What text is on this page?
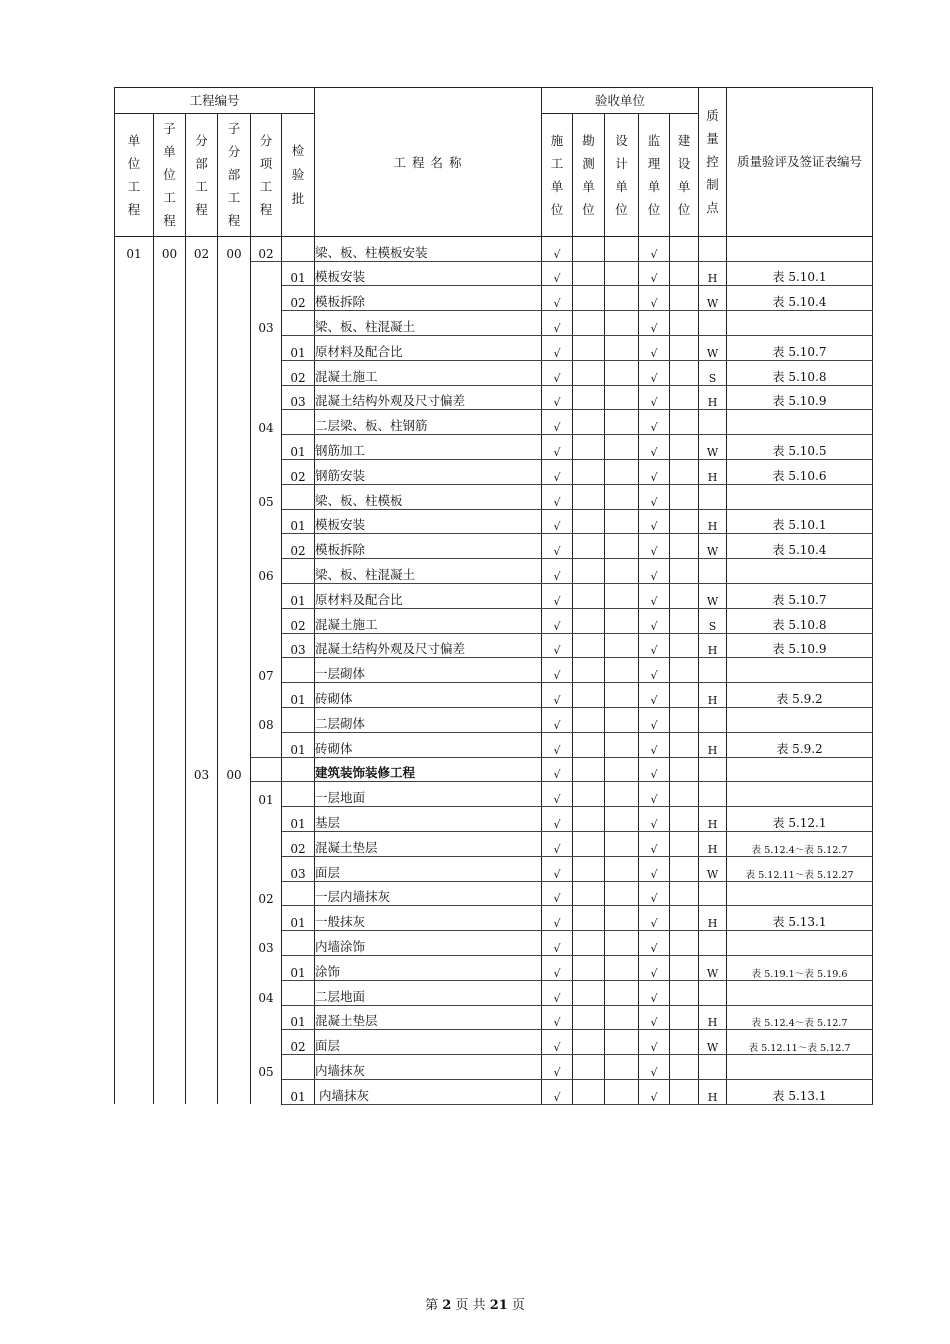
工程编号						工 程 名 称	验收单位					质量控制点	质量验评及签证表编号
单位工程	子单位工程	分部工程	子分部工程	分项工程	检验批		施工单位	勘测单位	设计单位	监理单位	建设单位		
01	00	02	00	02		梁、板、柱模板安装	√			√			
					01	模板安装	√			√		H	表 5.10.1
					02	模板拆除	√			√		W	表 5.10.4
				03		梁、板、柱混凝土	√			√			
					01	原材料及配合比	√			√		W	表 5.10.7
					02	混凝土施工	√			√		S	表 5.10.8
					03	混凝土结构外观及尺寸偏差	√			√		H	表 5.10.9
				04		二层梁、板、柱钢筋	√			√			
					01	钢筋加工	√			√		W	表 5.10.5
					02	钢筋安装	√			√		H	表 5.10.6
				05		梁、板、柱模板	√			√			
					01	模板安装	√			√		H	表 5.10.1
					02	模板拆除	√			√		W	表 5.10.4
				06		梁、板、柱混凝土	√			√			
					01	原材料及配合比	√			√		W	表 5.10.7
					02	混凝土施工	√			√		S	表 5.10.8
					03	混凝土结构外观及尺寸偏差	√			√		H	表 5.10.9
				07		一层砌体	√			√			
					01	砖砌体	√			√		H	表 5.9.2
				08		二层砌体	√			√			
					01	砖砌体	√			√		H	表 5.9.2
		03	00			建筑装饰装修工程	√			√			
				01		一层地面	√			√			
					01	基层	√			√		H	表 5.12.1
					02	混凝土垫层	√			√		H	表 5.12.4～表 5.12.7
					03	面层	√			√		W	表 5.12.11～表 5.12.27
				02		一层内墙抹灰	√			√			
					01	一般抹灰	√			√		H	表 5.13.1
				03		内墙涂饰	√			√			
					01	涂饰	√			√		W	表 5.19.1～表 5.19.6
				04		二层地面	√			√			
					01	混凝土垫层	√			√		H	表 5.12.4～表 5.12.7
					02	面层	√			√		W	表 5.12.11～表 5.12.7
				05		内墙抹灰	√			√			
					01	内墙抹灰	√			√		H	表 5.13.1
第 2 页 共 21 页
